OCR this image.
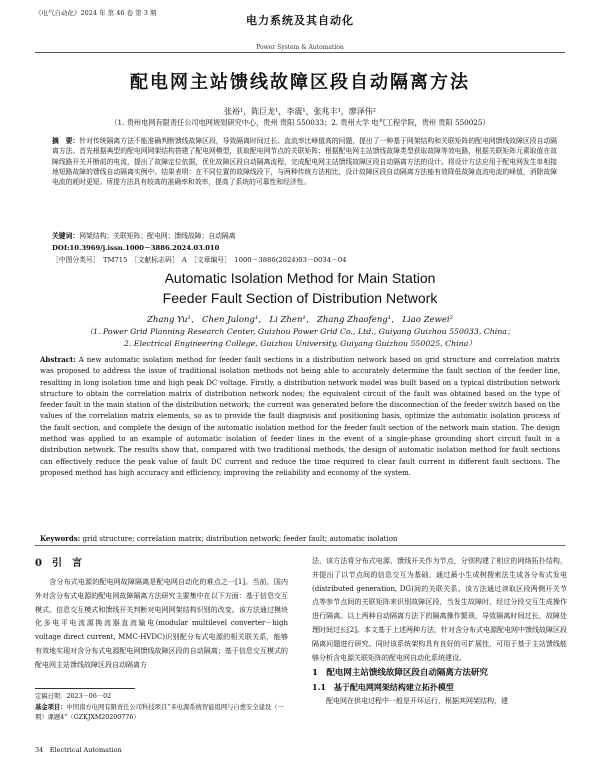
《电气自动化》2024 年 第 46 卷 第 3 期
电力系统及其自动化
Power System & Automation
配电网主站馈线故障区段自动隔离方法
张裕¹，陈巨龙¹，李震¹，张兆丰¹，廖泽伟²
（1. 贵州电网有限责任公司电网规划研究中心，贵州 贵阳 550033；2. 贵州大学 电气工程学院，贵州 贵阳 550025）
摘　要：针对传统隔离方法不能准确判断馈线故障区段，导致隔离时间过长、直流率比峰值高的问题，提出了一种基于网架结构和关联矩阵的配电网馈线故障区段自动隔离方法。首先根据典型的配电网网架结构搭建了配电网模型，获取配电网节点的关联矩阵；根据配电网主站馈线故障类型获取故障等效电路，根据关联矩阵元素取值在故障线路开关开断前的电流，提出了故障定位依据，优化故障区段自动隔离流程，完成配电网主站馈线故障区段自动隔离方法的设计。将设计方法应用于配电网发生单相接地短路故障的馈线自动隔离实例中。结果表明：在不同位置的故障线段下，与两种传统方法相比，设计故障区段自动隔离方法能有效降低故障直流电流的峰值，消除故障电流的耗时更短。所提方法具有较高的准确率和效率，提高了系统的可靠性和经济性。
关键词：网架结构；关联矩阵；配电网；馈线故障；自动隔离
DOI:10.3969/j.issn.1000－3886.2024.03.010
［中图分类号］　TM715　［文献标志码］　A　［文章编号］　1000－3886(2024)03－0034－04
Automatic Isolation Method for Main Station
Feeder Fault Section of Distribution Network
Zhang Yu¹， Chen Julong¹， Li Zhen¹， Zhang Zhaofeng¹， Liao Zewei²
（1. Power Grid Planning Research Center, Guizhou Power Grid Co., Ltd., Guiyang Guizhou 550033, China；
2. Electrical Engineering College, Guizhou University, Guiyang Guizhou 550025, China）
Abstract: A new automatic isolation method for feeder fault sections in a distribution network based on grid structure and correlation matrix was proposed to address the issue of traditional isolation methods not being able to accurately determine the fault section of the feeder line, resulting in long isolation time and high peak DC voltage. Firstly, a distribution network model was built based on a typical distribution network structure to obtain the correlation matrix of distribution network nodes; the equivalent circuit of the fault was obtained based on the type of feeder fault in the main station of the distribution network; the current was generated before the disconnection of the feeder switch based on the values of the correlation matrix elements, so as to provide the fault diagnosis and positioning basis, optimize the automatic isolation process of the fault section, and complete the design of the automatic isolation method for the feeder fault section of the network main station. The design method was applied to an example of automatic isolation of feeder lines in the event of a single-phase grounding short circuit fault in a distribution network. The results show that, compared with two traditional methods, the design of automatic isolation method for fault sections can effectively reduce the peak value of fault DC current and reduce the time required to clear fault current in different fault sections. The proposed method has high accuracy and efficiency, improving the reliability and economy of the system.
Keywords: grid structure; correlation matrix; distribution network; feeder fault; automatic isolation
0　引　言
　　含分布式电源的配电网故障隔离是配电网自动化的难点之一[1]。当前，国内外对含分布式电源的配电网故障隔离方法研究主要集中在以下方面：基于信息交互模式、信息交互模式和馈线开关判断对电网网架结构识别的改变。该方法通过模块化多电平电流源换流器直流输电(modular multilevel converter－high voltage direct current, MMC-HVDC)识别配分布式电源的相关联关系，能够有效地实现对含分布式电源配电网馈线故障区段的自动隔离；基于信息交互模式的配电网主站馈线故障区段自动隔离方
定稿日期：2023－06－02
基金项目：中国南方电网有限责任公司科技项目“多电源系统智能组网与自愈安全建设（一期）课题4”（GZKJXM20200776）
法，该方法将分布式电源、馈线开关作为节点，分别构建了相应的网络拓扑结构，并提出了以节点间的信息交互为基础，通过最小生成树搜索法生成各分布式发电(distributed generation, DG)间的关联关系。该方法通过读取区段两侧开关节点等参节点间的关联矩阵来识别故障区段，当发生故障时，经过分段交互生成操作进行隔离。以上两种自动隔离方法下的隔离操作繁琐，导致隔离时间过长，故障处理时间过长[2]。本文基于上述两种方法，针对含分布式电源配电网中馈线故障区段隔离问题进行研究。同时该系统架构具有良好的可扩展性，可用于基于主站馈线能够分析含电源关联矩阵的配电网自动化系统建设。
1　配电网主站馈线故障区段自动隔离方法研究
1.1　基于配电网网架结构建立拓扑模型
　　配电网在供电过程中一般是开环运行，根据其网架结构，建
34　Electrical Automation
